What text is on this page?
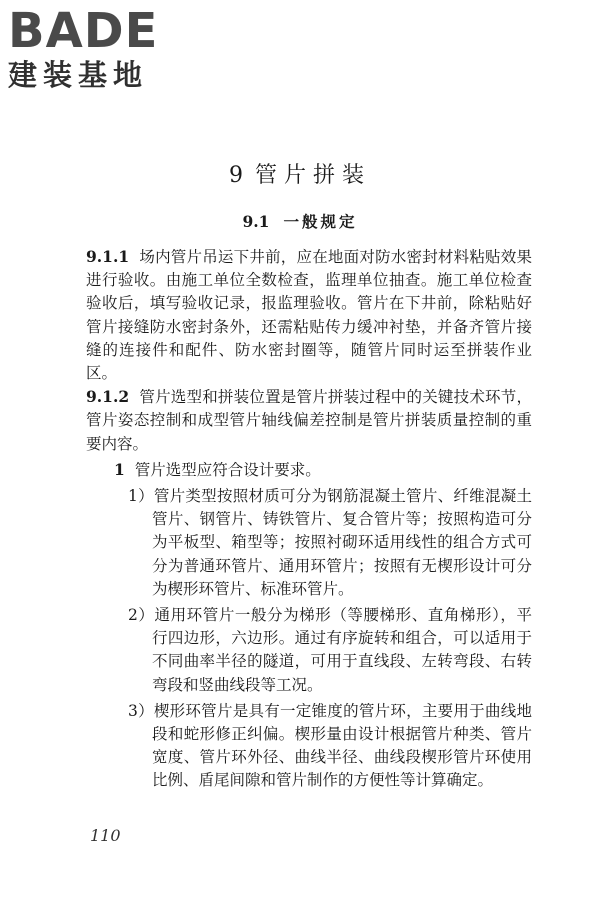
BADE
建装基地
9 管片拼装
9.1 一般规定

9.1.1 场内管片吊运下井前，应在地面对防水密封材料粘贴效果进行验收。由施工单位全数检查，监理单位抽查。施工单位检查验收后，填写验收记录，报监理验收。管片在下井前，除粘贴好管片接缝防水密封条外，还需粘贴传力缓冲衬垫，并备齐管片接缝的连接件和配件、防水密封圈等，随管片同时运至拼装作业区。

9.1.2 管片选型和拼装位置是管片拼装过程中的关键技术环节，管片姿态控制和成型管片轴线偏差控制是管片拼装质量控制的重要内容。

1 管片选型应符合设计要求。

1）管片类型按照材质可分为钢筋混凝土管片、纤维混凝土管片、钢管片、铸铁管片、复合管片等；按照构造可分为平板型、箱型等；按照衬砌环适用线性的组合方式可分为普通环管片、通用环管片；按照有无楔形设计可分为楔形环管片、标准环管片。

2）通用环管片一般分为梯形（等腰梯形、直角梯形），平行四边形，六边形。通过有序旋转和组合，可以适用于不同曲率半径的隧道，可用于直线段、左转弯段、右转弯段和竖曲线段等工况。

3）楔形环管片是具有一定锥度的管片环，主要用于曲线地段和蛇形修正纠偏。楔形量由设计根据管片种类、管片宽度、管片环外径、曲线半径、曲线段楔形管片环使用比例、盾尾间隙和管片制作的方便性等计算确定。

110
